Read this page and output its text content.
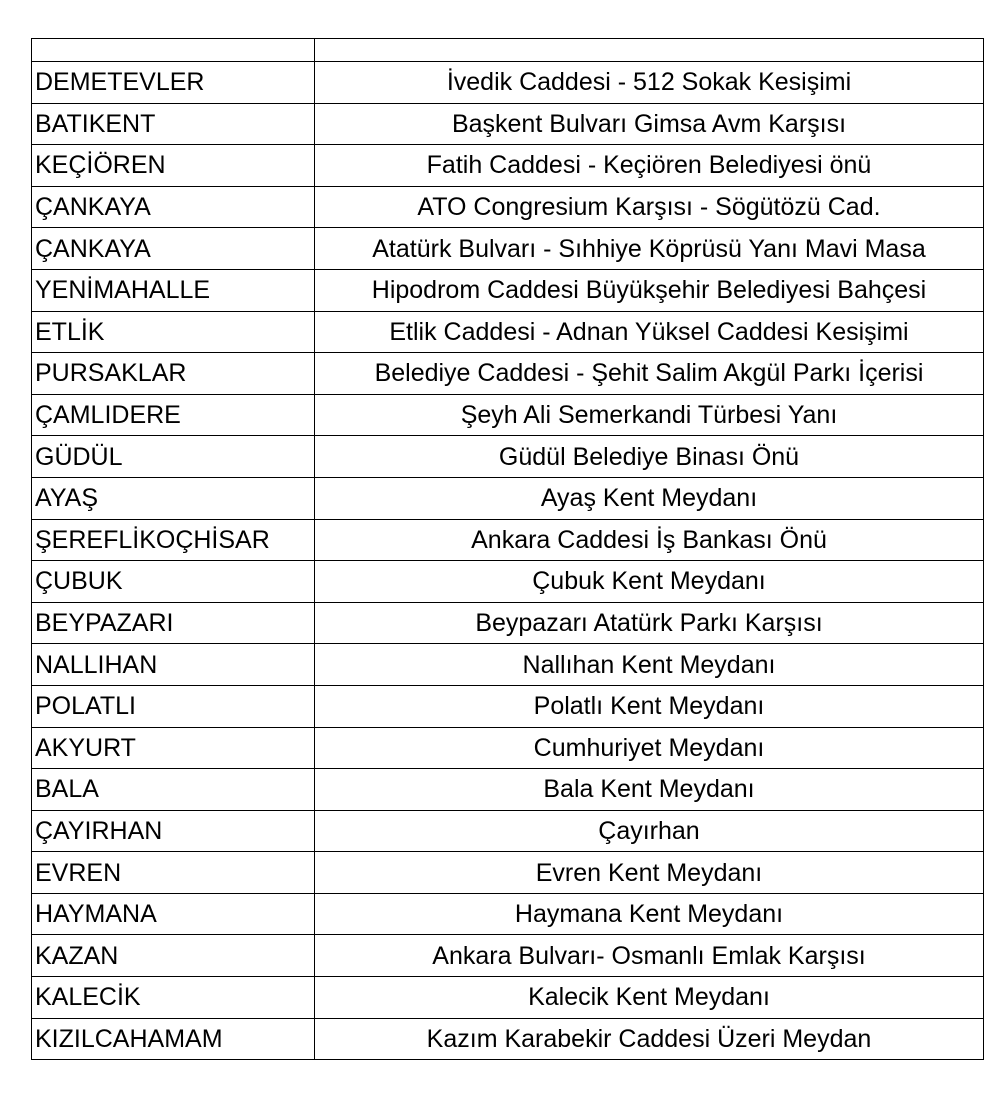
DEMETEVLER	İvedik Caddesi - 512 Sokak Kesişimi
BATIKENT	Başkent Bulvarı Gimsa Avm Karşısı
KEÇİÖREN	Fatih Caddesi - Keçiören Belediyesi önü
ÇANKAYA	ATO Congresium Karşısı - Sögütözü Cad.
ÇANKAYA	Atatürk Bulvarı - Sıhhiye Köprüsü Yanı Mavi Masa
YENİMAHALLE	Hipodrom Caddesi Büyükşehir Belediyesi Bahçesi
ETLİK	Etlik Caddesi - Adnan Yüksel Caddesi Kesişimi
PURSAKLAR	Belediye Caddesi - Şehit Salim Akgül Parkı İçerisi
ÇAMLIDERE	Şeyh Ali Semerkandi Türbesi Yanı
GÜDÜL	Güdül Belediye Binası Önü
AYAŞ	Ayaş Kent Meydanı
ŞEREFLİKOÇHİSAR	Ankara Caddesi İş Bankası Önü
ÇUBUK	Çubuk Kent Meydanı
BEYPAZARI	Beypazarı Atatürk Parkı Karşısı
NALLIHAN	Nallıhan Kent Meydanı
POLATLI	Polatlı Kent Meydanı
AKYURT	Cumhuriyet Meydanı
BALA	Bala Kent Meydanı
ÇAYIRHAN	Çayırhan
EVREN	Evren Kent Meydanı
HAYMANA	Haymana Kent Meydanı
KAZAN	Ankara Bulvarı- Osmanlı Emlak Karşısı
KALECİK	Kalecik Kent Meydanı
KIZILCAHAMAM	Kazım Karabekir Caddesi Üzeri Meydan
